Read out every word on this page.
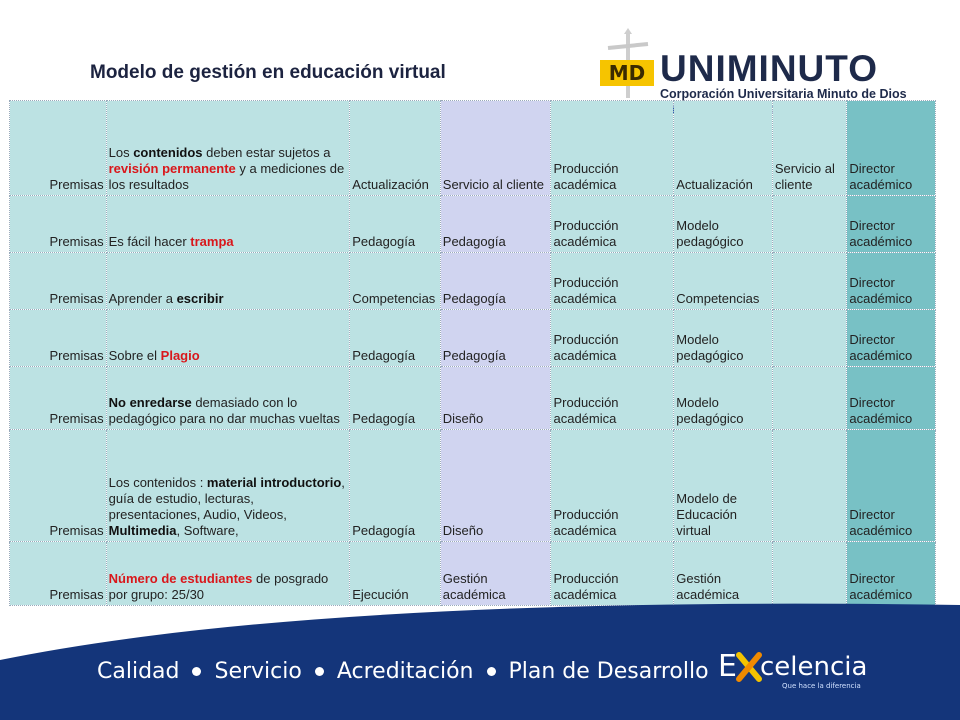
Modelo de gestión en educación virtual	MD UNIMINUTO
Corporación Universitaria Minuto de Dios
Premisas	Los contenidos deben estar sujetos a revisión permanente y a mediciones de los resultados	Actualización	Servicio al cliente	Producción académica	Actualización	Servicio al cliente	Director académico
Premisas	Es fácil hacer trampa	Pedagogía	Pedagogía	Producción académica	Modelo pedagógico		Director académico
Premisas	Aprender a escribir	Competencias	Pedagogía	Producción académica	Competencias		Director académico
Premisas	Sobre el Plagio	Pedagogía	Pedagogía	Producción académica	Modelo pedagógico		Director académico
Premisas	No enredarse demasiado con lo pedagógico para no dar muchas vueltas	Pedagogía	Diseño	Producción académica	Modelo pedagógico		Director académico
Premisas	Los contenidos : material introductorio, guía de estudio, lecturas, presentaciones, Audio, Videos, Multimedia, Software,	Pedagogía	Diseño	Producción académica	Modelo de Educación virtual		Director académico
Premisas	Número de estudiantes de posgrado por grupo: 25/30	Ejecución	Gestión académica	Producción académica	Gestión académica		Director académico
Calidad Servicio Acreditación Plan de Desarrollo E celencia
Que hace la diferencia
